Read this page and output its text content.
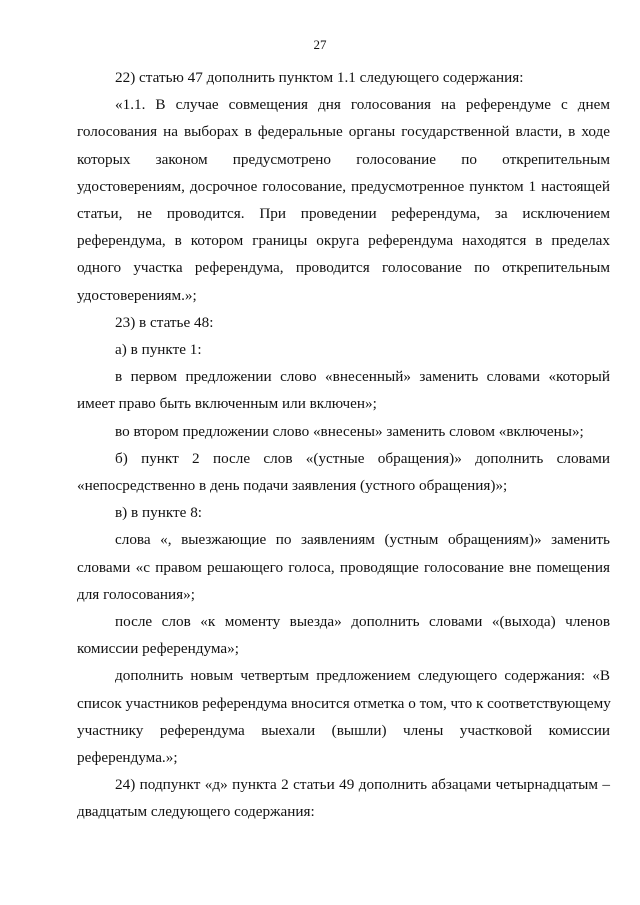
27
22) статью 47 дополнить пунктом 1.1 следующего содержания:
«1.1. В случае совмещения дня голосования на референдуме с днем
голосования на выборах в федеральные органы государственной власти, в ходе
которых законом предусмотрено голосование по открепительным
удостоверениям, досрочное голосование, предусмотренное пунктом 1 настоящей
статьи, не проводится. При проведении референдума, за исключением
референдума, в котором границы округа референдума находятся в пределах
одного участка референдума, проводится голосование по открепительным
удостоверениям.»;
23) в статье 48:
а) в пункте 1:
в первом предложении слово «внесенный» заменить словами «который
имеет право быть включенным или включен»;
во втором предложении слово «внесены» заменить словом «включены»;
б) пункт 2 после слов «(устные обращения)» дополнить словами
«непосредственно в день подачи заявления (устного обращения)»;
в) в пункте 8:
слова «, выезжающие по заявлениям (устным обращениям)» заменить
словами «с правом решающего голоса, проводящие голосование вне помещения
для голосования»;
после слов «к моменту выезда» дополнить словами «(выхода) членов
комиссии референдума»;
дополнить новым четвертым предложением следующего содержания: «В
список участников референдума вносится отметка о том, что к соответствующему
участнику референдума выехали (вышли) члены участковой комиссии
референдума.»;
24) подпункт «д» пункта 2 статьи 49 дополнить абзацами четырнадцатым –
двадцатым следующего содержания:
